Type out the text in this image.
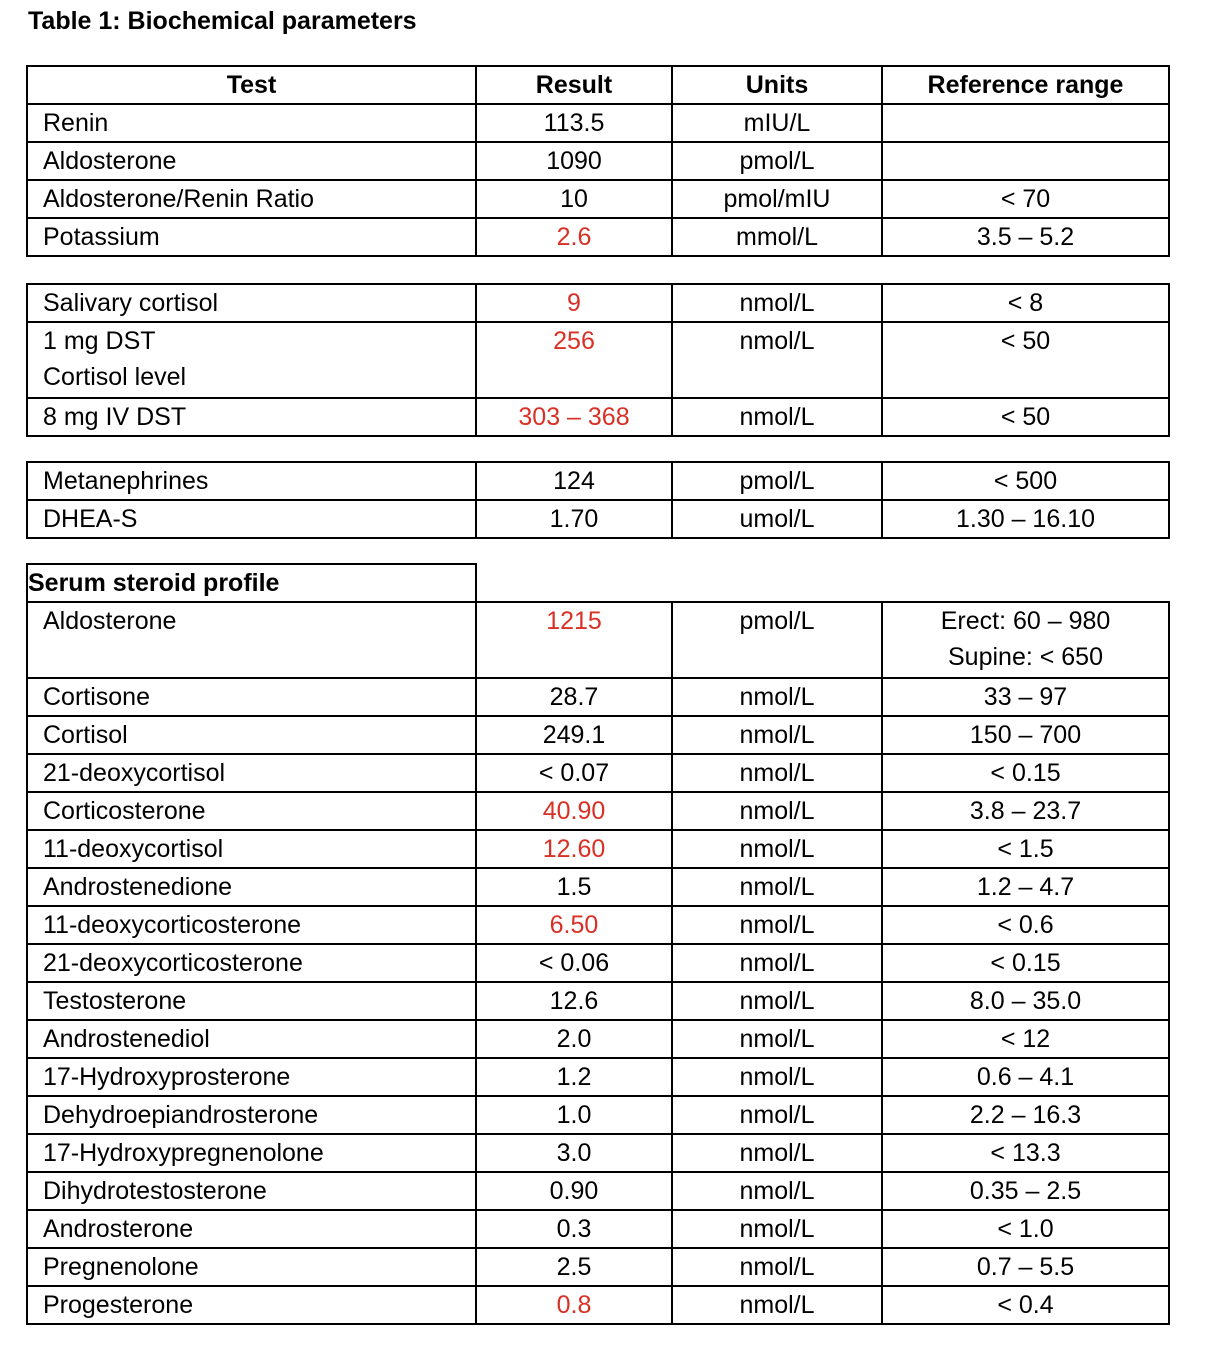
Table 1: Biochemical parameters
Test	Result	Units	Reference range
Renin	113.5	mIU/L	
Aldosterone	1090	pmol/L	
Aldosterone/Renin Ratio	10	pmol/mIU	< 70
Potassium	2.6	mmol/L	3.5 – 5.2
Salivary cortisol	9	nmol/L	< 8

1 mg DST
Cortisol level	256	nmol/L	< 50
8 mg IV DST	303 – 368	nmol/L	< 50
Metanephrines	124	pmol/L	< 500
DHEA-S	1.70	umol/L	1.30 – 16.10
Serum steroid profile			
Aldosterone	1215	pmol/L	Erect: 60 – 980
Supine: < 650

Cortisone	28.7	nmol/L	33 – 97
Cortisol	249.1	nmol/L	150 – 700
21-deoxycortisol	< 0.07	nmol/L	< 0.15
Corticosterone	40.90	nmol/L	3.8 – 23.7
11-deoxycortisol	12.60	nmol/L	< 1.5
Androstenedione	1.5	nmol/L	1.2 – 4.7
11-deoxycorticosterone	6.50	nmol/L	< 0.6
21-deoxycorticosterone	< 0.06	nmol/L	< 0.15
Testosterone	12.6	nmol/L	8.0 – 35.0
Androstenediol	2.0	nmol/L	< 12
17-Hydroxyprosterone	1.2	nmol/L	0.6 – 4.1
Dehydroepiandrosterone	1.0	nmol/L	2.2 – 16.3
17-Hydroxypregnenolone	3.0	nmol/L	< 13.3
Dihydrotestosterone	0.90	nmol/L	0.35 – 2.5
Androsterone	0.3	nmol/L	< 1.0
Pregnenolone	2.5	nmol/L	0.7 – 5.5
Progesterone	0.8	nmol/L	< 0.4
